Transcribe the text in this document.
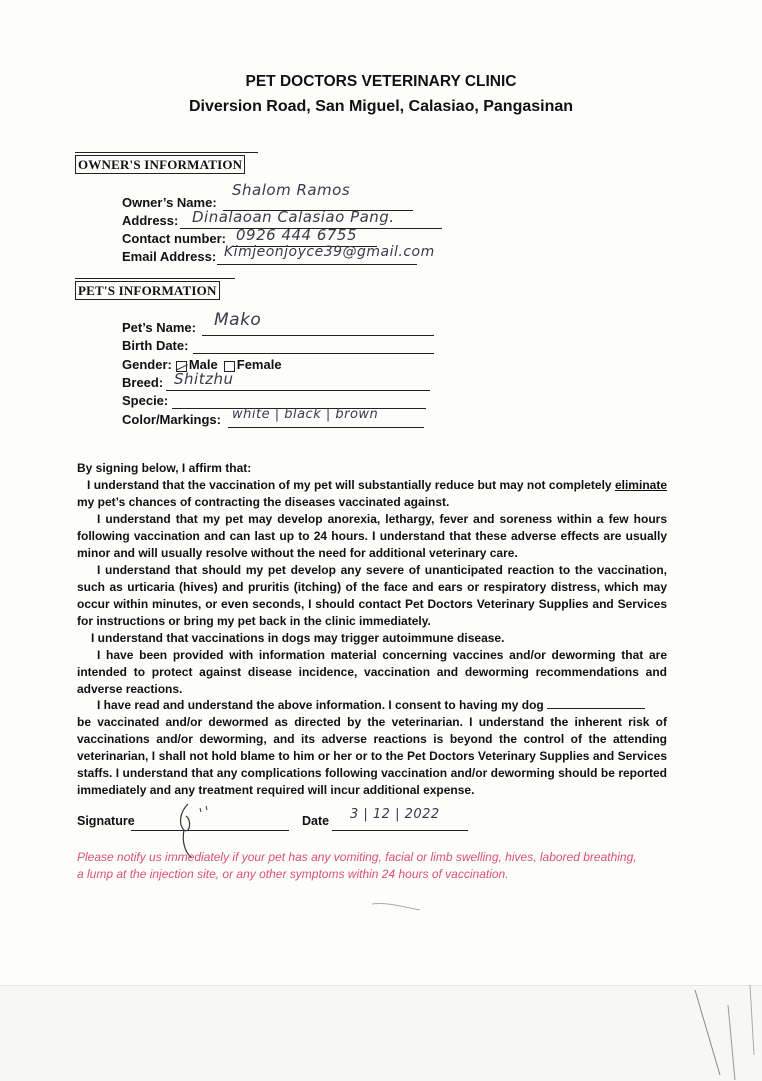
PET DOCTORS VETERINARY CLINIC
Diversion Road, San Miguel, Calasiao, Pangasinan
OWNER'S INFORMATION
Owner’s Name:
Shalom Ramos
Address: Dinalaoan Calasiao Pang.
Contact number: 0926 444 6755
Email Address: Kimjeonjoyce39@gmail.com
PET'S INFORMATION
Pet’s Name: Mako
Birth Date:
Gender: Male Female
Breed: Shitzhu
Specie:
Color/Markings: white | black | brown
By signing below, I affirm that:

I understand that the vaccination of my pet will substantially reduce but may not completely eliminate my pet’s chances of contracting the diseases vaccinated against.

I understand that my pet may develop anorexia, lethargy, fever and soreness within a few hours following vaccination and can last up to 24 hours. I understand that these adverse effects are usually minor and will usually resolve without the need for additional veterinary care.

I understand that should my pet develop any severe of unanticipated reaction to the vaccination, such as urticaria (hives) and pruritis (itching) of the face and ears or respiratory distress, which may occur within minutes, or even seconds, I should contact Pet Doctors Veterinary Supplies and Services for instructions or bring my pet back in the clinic immediately.

I understand that vaccinations in dogs may trigger autoimmune disease.

I have been provided with information material concerning vaccines and/or deworming that are intended to protect against disease incidence, vaccination and deworming recommendations and adverse reactions.

I have read and understand the above information. I consent to having my dog
be vaccinated and/or dewormed as directed by the veterinarian. I understand the inherent risk of vaccinations and/or deworming, and its adverse reactions is beyond the control of the attending veterinarian, I shall not hold blame to him or her or to the Pet Doctors Veterinary Supplies and Services staffs. I understand that any complications following vaccination and/or deworming should be reported immediately and any treatment required will incur additional expense.

Signature	Date 3 | 12 | 2022

Please notify us immediately if your pet has any vomiting, facial or limb swelling, hives, labored breathing, a lump at the injection site, or any other symptoms within 24 hours of vaccination.
